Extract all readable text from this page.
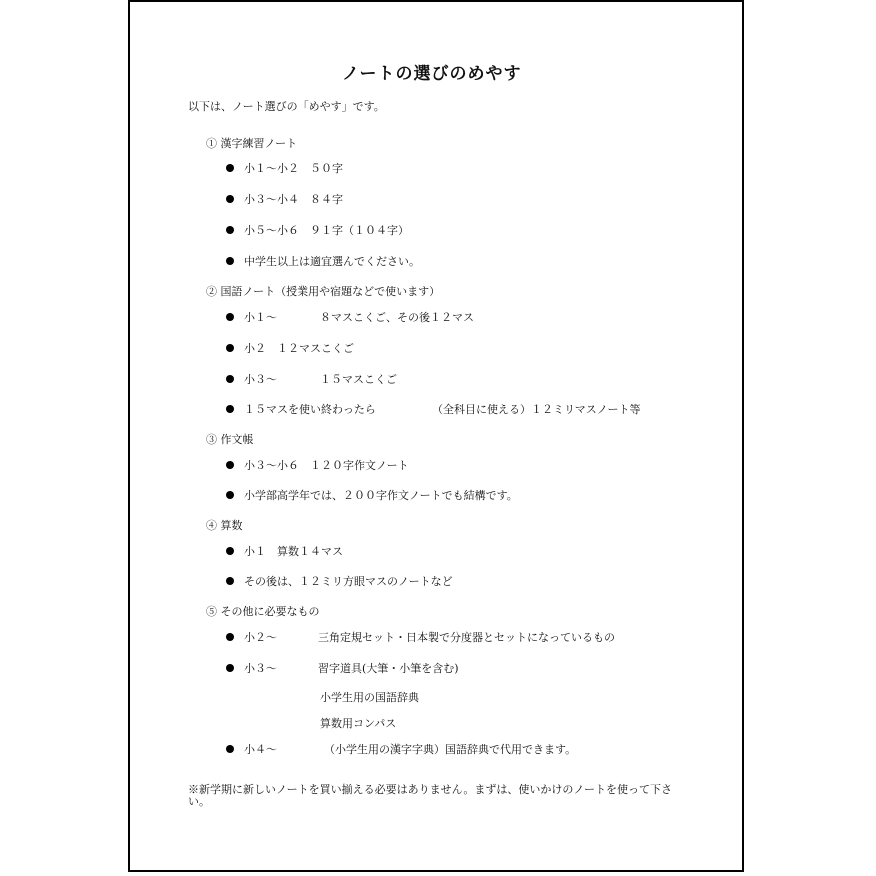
ノートの選びのめやす
以下は、ノート選びの「めやす」です。
① 漢字練習ノート
小１～小２　５０字
小３～小４　８４字
小５～小６　９１字（１０４字）
中学生以上は適宜選んでください。
② 国語ノート（授業用や宿題などで使います）
小１～	８マスこくご、その後１２マス
小２　１２マスこくご
小３～	１５マスこくご
１５マスを使い終わったら	（全科目に使える）１２ミリマスノート等
③ 作文帳
小３～小６　１２０字作文ノート
小学部高学年では、２００字作文ノートでも結構です。
④ 算数
小１　算数１４マス
その後は、１２ミリ方眼マスのノートなど
⑤ その他に必要なもの
小２～	三角定規セット・日本製で分度器とセットになっているもの
小３～	習字道具(大筆・小筆を含む)
小学生用の国語辞典
算数用コンパス
小４～	（小学生用の漢字字典）国語辞典で代用できます。
※新学期に新しいノートを買い揃える必要はありません。まずは、使いかけのノートを使って下さい。
